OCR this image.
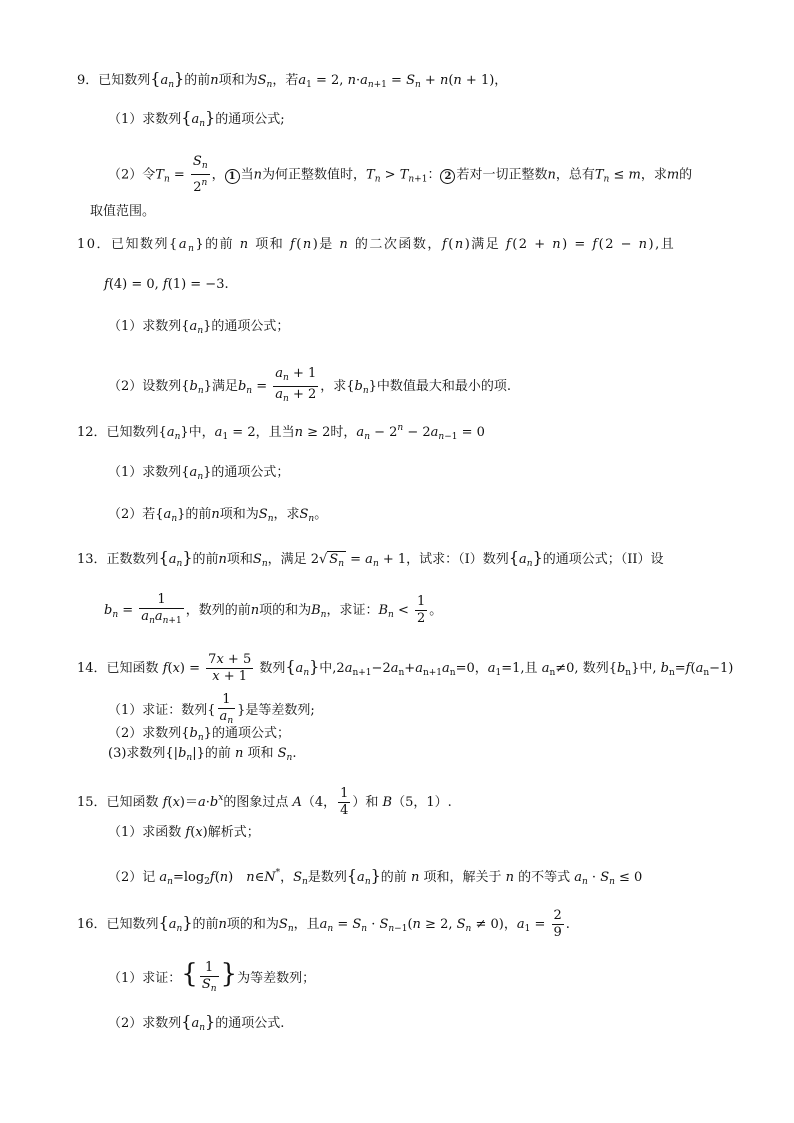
9．已知数列$\{a_n\}$的前n项和为$S_n$，若$a_1 = 2$, $n\cdot a_{n+1} = S_n + n(n + 1)$，
（1）求数列$\{a_n\}$的通项公式;
（2）令$T_n = \frac{S_n}{2^n}$ ， 1 当n为何正整数值时，$T_n > T_{n+1}$： 2 若对一切正整数n，总有$T_n \le m$，求m的
取值范围。
10．已知数列$\{a_n\}$的前 n 项和 f(n)是 n 的二次函数，f(n)满足 f(2 + n) = f(2 − n),且
f(4) = 0, f(1) = −3.
（1）求数列$\{a_n\}$的通项公式；
（2）设数列$\{b_n\}$满足$b_n = \frac{a_n + 1}{a_n + 2}$ ，求$\{b_n\}$中数值最大和最小的项.
12．已知数列$\{a_n\}$中，$a_1 = 2$，且当n ≥ 2时，$a_n - 2^n - 2a_{n-1} = 0$
（1）求数列$\{a_n\}$的通项公式；
（2）若$\{a_n\}$的前n项和为$S_n$，求$S_n$。
13．正数数列$\{a_n\}$的前n项和$S_n$，满足 2√ $S_n = a_n + 1$，试求：（I）数列$\{a_n\}$的通项公式；（II）设
$b_n = \frac{1}{a_na_{n+1}}$ ，数列的前n项的和为$B_n$，求证：$B_n < \frac{1}{2}$ 。
14．已知函数 $f(x) = \frac{7x + 5}{x + 1}$ 数列$\{a_n\}$中$,2a_{n+1}-2a_n+a_{n+1}a_n=0$，$a_1=1$,且 $a_n\ne 0$, 数列$\{b_n\}$中, $b_n=f(a_n-1)$
（1）求证：数列{ $\frac{1}{a_n}$ }是等差数列;
（2）求数列$\{b_n\}$的通项公式；
(3)求数列$\{|b_n|\}$的前 n 项和 $S_n$.
15．已知函数 $f(x)=a\cdot b^x$的图象过点 A（4， $\frac{1}{4}$ ）和 B（5，1）.
（1）求函数 f(x)解析式；
（2）记 $a_n=\log_2f(n)$　n∈N*，$S_n$是数列$\{a_n\}$的前 n 项和，解关于 n 的不等式 $a_n \cdot S_n \le 0$
16．已知数列$\{a_n\}$的前n项的和为$S_n$，且$a_n = S_n \cdot S_{n-1}(n \ge 2$, $S_n \ne 0$)，$a_1 = \frac{2}{9}$ .
（1）求证：{ $\frac{1}{S_n}$ }为等差数列；
（2）求数列$\{a_n\}$的通项公式.
